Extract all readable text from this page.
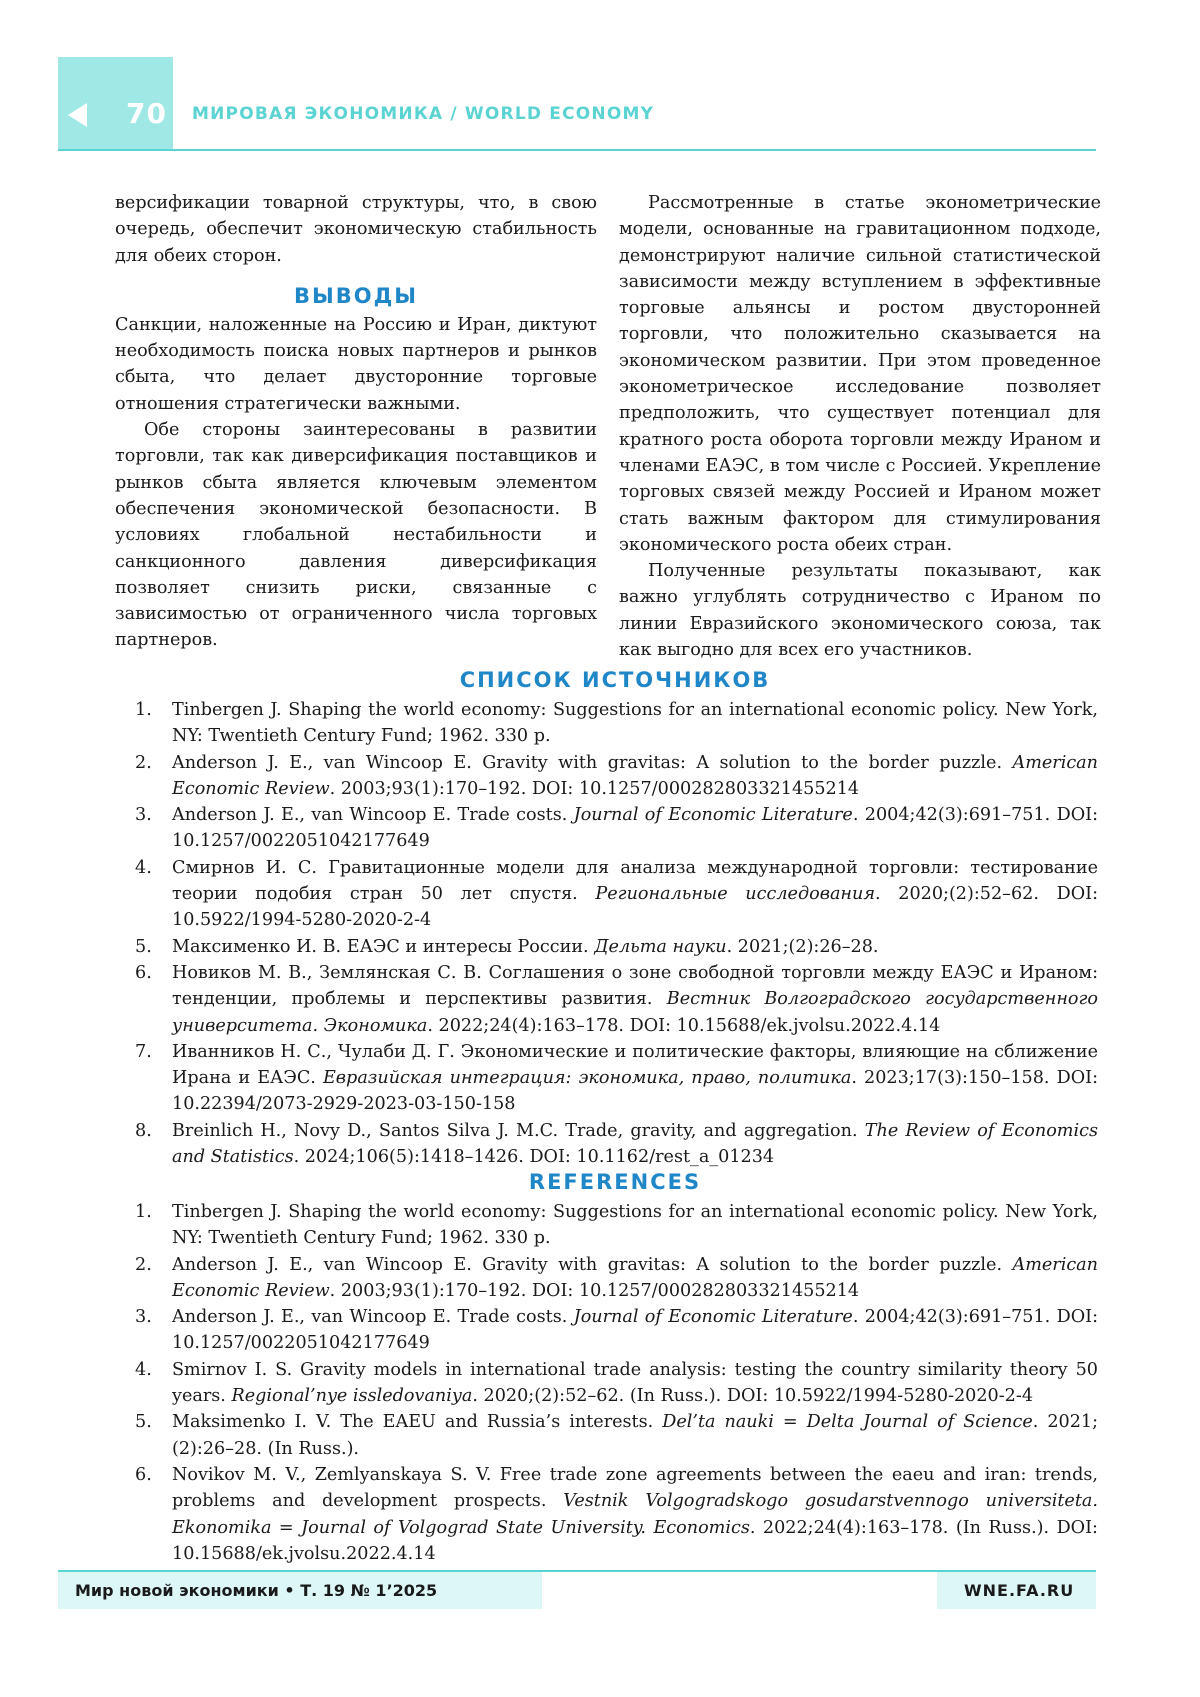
70 МИРОВАЯ ЭКОНОМИКА / WORLD ECONOMY

версификации товарной структуры, что, в свою очередь, обеспечит экономическую стабильность для обеих сторон.

ВЫВОДЫ

Санкции, наложенные на Россию и Иран, диктуют необходимость поиска новых партнеров и рынков сбыта, что делает двусторонние торговые отношения стратегически важными.

Обе стороны заинтересованы в развитии торговли, так как диверсификация поставщиков и рынков сбыта является ключевым элементом обеспечения экономической безопасности. В условиях глобальной нестабильности и санкционного давления диверсификация позволяет снизить риски, связанные с зависимостью от ограниченного числа торговых партнеров.

Рассмотренные в статье эконометрические модели, основанные на гравитационном подходе, демонстрируют наличие сильной статистической зависимости между вступлением в эффективные торговые альянсы и ростом двусторонней торговли, что положительно сказывается на экономическом развитии. При этом проведенное эконометрическое исследование позволяет предположить, что существует потенциал для кратного роста оборота торговли между Ираном и членами ЕАЭС, в том числе с Россией. Укрепление торговых связей между Россией и Ираном может стать важным фактором для стимулирования экономического роста обеих стран.

Полученные результаты показывают, как важно углублять сотрудничество с Ираном по линии Евразийского экономического союза, так как выгодно для всех его участников.

СПИСОК ИСТОЧНИКОВ
1. Tinbergen J. Shaping the world economy: Suggestions for an international economic policy. New York, NY: Twentieth Century Fund; 1962. 330 p.
2. Anderson J. E., van Wincoop E. Gravity with gravitas: A solution to the border puzzle. American Economic Review. 2003;93(1):170–192. DOI: 10.1257/000282803321455214
3. Anderson J. E., van Wincoop E. Trade costs. Journal of Economic Literature. 2004;42(3):691–751. DOI: 10.1257/0022051042177649
4. Смирнов И. С. Гравитационные модели для анализа международной торговли: тестирование теории подобия стран 50 лет спустя. Региональные исследования. 2020;(2):52–62. DOI: 10.5922/1994-5280-2020-2-4
5. Максименко И. В. ЕАЭС и интересы России. Дельта науки. 2021;(2):26–28.
6. Новиков М. В., Землянская С. В. Соглашения о зоне свободной торговли между ЕАЭС и Ираном: тенденции, проблемы и перспективы развития. Вестник Волгоградского государственного университета. Экономика. 2022;24(4):163–178. DOI: 10.15688/ek.jvolsu.2022.4.14
7. Иванников Н. С., Чулаби Д. Г. Экономические и политические факторы, влияющие на сближение Ирана и ЕАЭС. Евразийская интеграция: экономика, право, политика. 2023;17(3):150–158. DOI: 10.22394/2073-2929-2023-03-150-158
8. Breinlich H., Novy D., Santos Silva J. M.C. Trade, gravity, and aggregation. The Review of Economics and Statistics. 2024;106(5):1418–1426. DOI: 10.1162/rest_a_01234
REFERENCES
1. Tinbergen J. Shaping the world economy: Suggestions for an international economic policy. New York, NY: Twentieth Century Fund; 1962. 330 p.
2. Anderson J. E., van Wincoop E. Gravity with gravitas: A solution to the border puzzle. American Economic Review. 2003;93(1):170–192. DOI: 10.1257/000282803321455214
3. Anderson J. E., van Wincoop E. Trade costs. Journal of Economic Literature. 2004;42(3):691–751. DOI: 10.1257/0022051042177649
4. Smirnov I. S. Gravity models in international trade analysis: testing the country similarity theory 50 years. Regional’nye issledovaniya. 2020;(2):52–62. (In Russ.). DOI: 10.5922/1994-5280-2020-2-4
5. Maksimenko I. V. The EAEU and Russia’s interests. Del’ta nauki = Delta Journal of Science. 2021;(2):26–28. (In Russ.).
6. Novikov M. V., Zemlyanskaya S. V. Free trade zone agreements between the eaeu and iran: trends, problems and development prospects. Vestnik Volgogradskogo gosudarstvennogo universiteta. Ekonomika = Journal of Volgograd State University. Economics. 2022;24(4):163–178. (In Russ.). DOI: 10.15688/ek.jvolsu.2022.4.14
Мир новой экономики • Т. 19 № 1’2025	WNE.FA.RU
